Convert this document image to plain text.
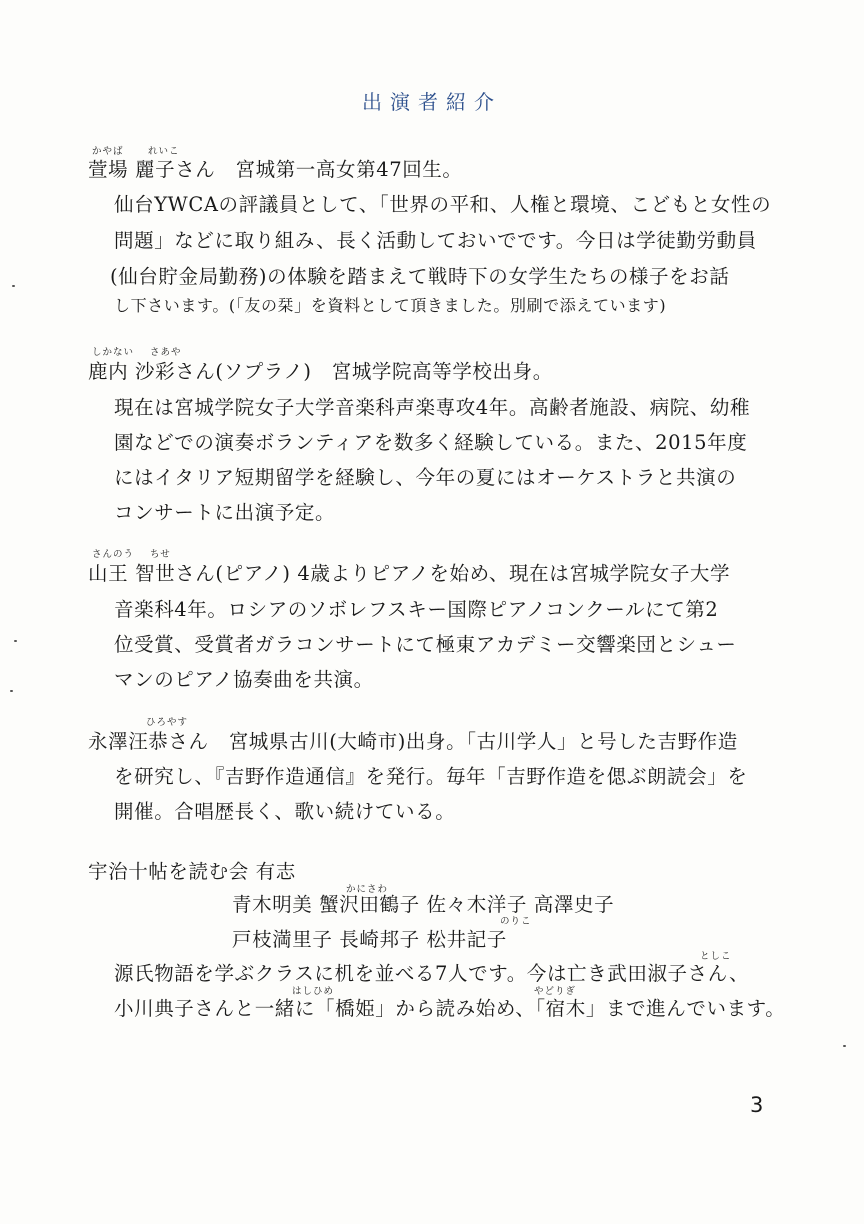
出演者紹介
かやば	れいこ
萱場 麗子さん　宮城第一高女第47回生。
仙台YWCAの評議員として、「世界の平和、人権と環境、こどもと女性の
問題」などに取り組み、長く活動しておいでです。今日は学徒勤労動員
(仙台貯金局勤務)の体験を踏まえて戦時下の女学生たちの様子をお話
し下さいます。(「友の栞」を資料として頂きました。別刷で添えています)
しかない さあや
鹿内 沙彩さん(ソプラノ)　宮城学院高等学校出身。
現在は宮城学院女子大学音楽科声楽専攻4年。高齢者施設、病院、幼稚
園などでの演奏ボランティアを数多く経験している。また、2015年度
にはイタリア短期留学を経験し、今年の夏にはオーケストラと共演の
コンサートに出演予定。
さんのう ちせ
山王 智世さん(ピアノ) 4歳よりピアノを始め、現在は宮城学院女子大学
音楽科4年。ロシアのソボレフスキー国際ピアノコンクールにて第2
位受賞、受賞者ガラコンサートにて極東アカデミー交響楽団とシュー
マンのピアノ協奏曲を共演。
ひろやす
永澤汪恭さん　宮城県古川(大崎市)出身。「古川学人」と号した吉野作造
を研究し、『吉野作造通信』を発行。毎年「吉野作造を偲ぶ朗読会」を
開催。合唱歴長く、歌い続けている。
宇治十帖を読む会 有志
かにさわ
青木明美 蟹沢田鶴子 佐々木洋子 高澤史子
のりこ
戸枝満里子 長崎邦子 松井記子
としこ
源氏物語を学ぶクラスに机を並べる7人です。今は亡き武田淑子さん、
はしひめ	やどりぎ
小川典子さんと一緒に「橋姫」から読み始め、「宿木」まで進んでいます。
3
